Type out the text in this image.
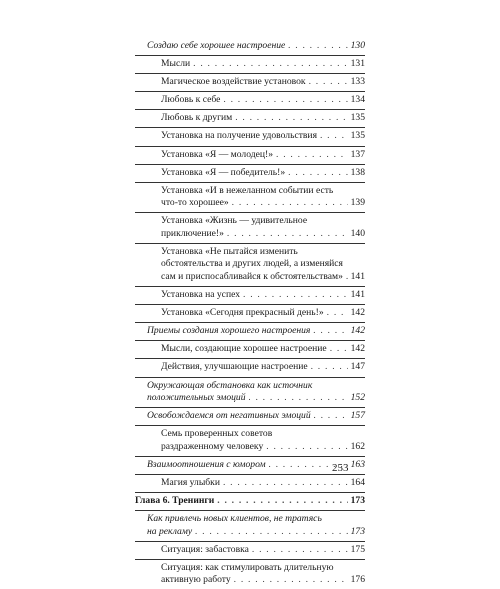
Создаю себе хорошее настроение . . .	130
Мысли . . .	131
Магическое воздействие установок . . .	133
Любовь к себе . . .	134
Любовь к другим . . .	135
Установка на получение удовольствия . . .	135
Установка «Я — молодец!» . . .	137
Установка «Я — победитель!» . . .	138
Установка «И в нежеланном событии есть
что-то хорошее» . . .	139
Установка «Жизнь — удивительное
приключение!» . . .	140
Установка «Не пытайся изменить
обстоятельства и других людей, а изменяйся
сам и приспосабливайся к обстоятельствам» . . . 141
Установка на успех . . .	141
Установка «Сегодня прекрасный день!» . . .	142
Приемы создания хорошего настроения . . .	142
Мысли, создающие хорошее настроение . . . 142
Действия, улучшающие настроение . . .	147
Окружающая обстановка как источник
положительных эмоций . . .	152
Освобождаемся от негативных эмоций . . .	157
Семь проверенных советов
раздраженному человеку . . .	162
Взаимоотношения с юмором . . .	163
Магия улыбки . . .	164
Глава 6. Тренинги . . .	173
Как привлечь новых клиентов, не тратясь
на рекламу . . .	173
Ситуация: забастовка . . .	175
Ситуация: как стимулировать длительную
активную работу . . .	176
253
